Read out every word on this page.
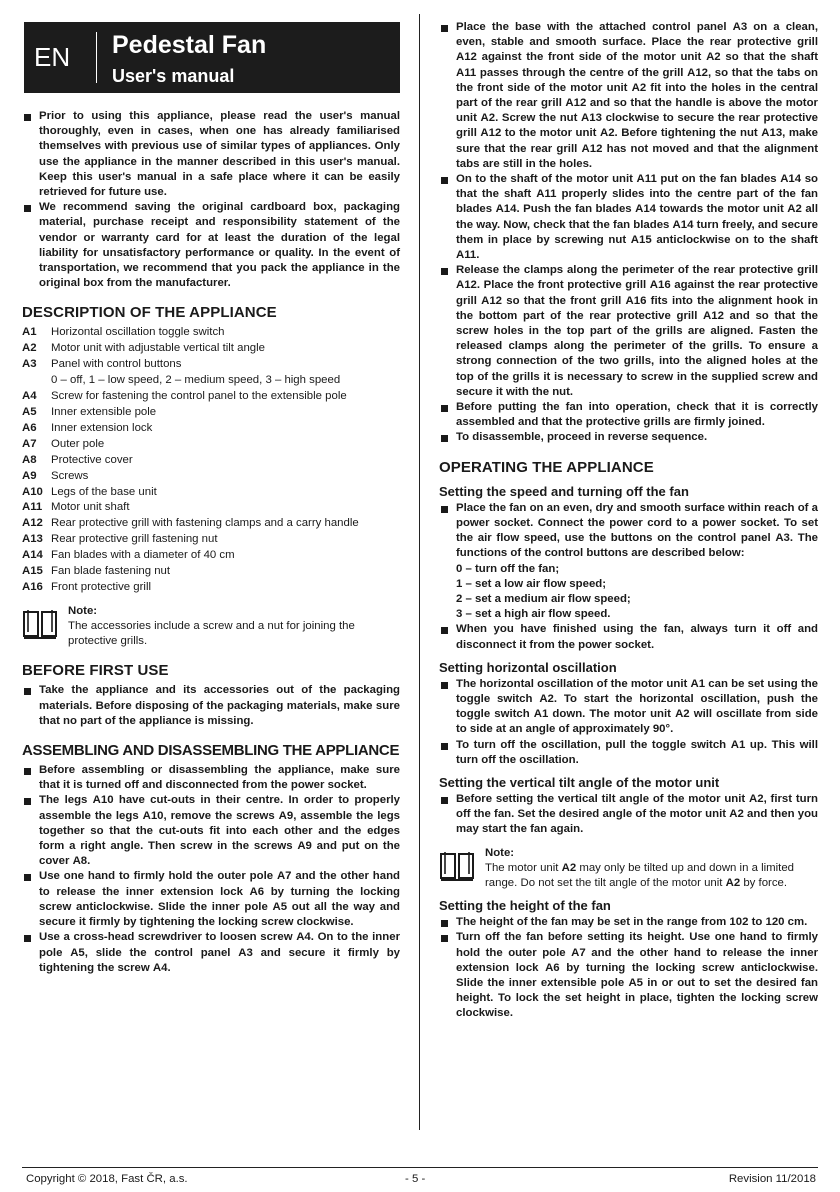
EN Pedestal Fan
User's manual
Prior to using this appliance, please read the user's manual thoroughly, even in cases, when one has already familiarised themselves with previous use of similar types of appliances. Only use the appliance in the manner described in this user's manual. Keep this user's manual in a safe place where it can be easily retrieved for future use.
We recommend saving the original cardboard box, packaging material, purchase receipt and responsibility statement of the vendor or warranty card for at least the duration of the legal liability for unsatisfactory performance or quality. In the event of transportation, we recommend that you pack the appliance in the original box from the manufacturer.
DESCRIPTION OF THE APPLIANCE
A1	Horizontal oscillation toggle switch
A2	Motor unit with adjustable vertical tilt angle
A3	Panel with control buttons
	0 – off, 1 – low speed, 2 – medium speed, 3 – high speed
A4	Screw for fastening the control panel to the extensible pole
A5	Inner extensible pole
A6	Inner extension lock
A7	Outer pole
A8	Protective cover
A9	Screws
A10	Legs of the base unit
A11	Motor unit shaft
A12	Rear protective grill with fastening clamps and a carry handle
A13	Rear protective grill fastening nut
A14	Fan blades with a diameter of 40 cm
A15	Fan blade fastening nut
A16	Front protective grill
Note:
The accessories include a screw and a nut for joining the protective grills.
BEFORE FIRST USE
Take the appliance and its accessories out of the packaging materials. Before disposing of the packaging materials, make sure that no part of the appliance is missing.
ASSEMBLING AND DISASSEMBLING THE APPLIANCE
Before assembling or disassembling the appliance, make sure that it is turned off and disconnected from the power socket.
The legs A10 have cut-outs in their centre. In order to properly assemble the legs A10, remove the screws A9, assemble the legs together so that the cut-outs fit into each other and the edges form a right angle. Then screw in the screws A9 and put on the cover A8.
Use one hand to firmly hold the outer pole A7 and the other hand to release the inner extension lock A6 by turning the locking screw anticlockwise. Slide the inner pole A5 out all the way and secure it firmly by tightening the locking screw clockwise.
Use a cross-head screwdriver to loosen screw A4. On to the inner pole A5, slide the control panel A3 and secure it firmly by tightening the screw A4.
Place the base with the attached control panel A3 on a clean, even, stable and smooth surface. Place the rear protective grill A12 against the front side of the motor unit A2 so that the shaft A11 passes through the centre of the grill A12, so that the tabs on the front side of the motor unit A2 fit into the holes in the central part of the rear grill A12 and so that the handle is above the motor unit A2. Screw the nut A13 clockwise to secure the rear protective grill A12 to the motor unit A2. Before tightening the nut A13, make sure that the rear grill A12 has not moved and that the alignment tabs are still in the holes.
On to the shaft of the motor unit A11 put on the fan blades A14 so that the shaft A11 properly slides into the centre part of the fan blades A14. Push the fan blades A14 towards the motor unit A2 all the way. Now, check that the fan blades A14 turn freely, and secure them in place by screwing nut A15 anticlockwise on to the shaft A11.
Release the clamps along the perimeter of the rear protective grill A12. Place the front protective grill A16 against the rear protective grill A12 so that the front grill A16 fits into the alignment hook in the bottom part of the rear protective grill A12 and so that the screw holes in the top part of the grills are aligned. Fasten the released clamps along the perimeter of the grills. To ensure a strong connection of the two grills, into the aligned holes at the top of the grills it is necessary to screw in the supplied screw and secure it with the nut.
Before putting the fan into operation, check that it is correctly assembled and that the protective grills are firmly joined.
To disassemble, proceed in reverse sequence.
OPERATING THE APPLIANCE
Setting the speed and turning off the fan
Place the fan on an even, dry and smooth surface within reach of a power socket. Connect the power cord to a power socket. To set the air flow speed, use the buttons on the control panel A3. The functions of the control buttons are described below:
0 – turn off the fan;
1 – set a low air flow speed;
2 – set a medium air flow speed;
3 – set a high air flow speed.
When you have finished using the fan, always turn it off and disconnect it from the power socket.
Setting horizontal oscillation
The horizontal oscillation of the motor unit A1 can be set using the toggle switch A2. To start the horizontal oscillation, push the toggle switch A1 down. The motor unit A2 will oscillate from side to side at an angle of approximately 90°.
To turn off the oscillation, pull the toggle switch A1 up. This will turn off the oscillation.
Setting the vertical tilt angle of the motor unit
Before setting the vertical tilt angle of the motor unit A2, first turn off the fan. Set the desired angle of the motor unit A2 and then you may start the fan again.
Note:
The motor unit A2 may only be tilted up and down in a limited range. Do not set the tilt angle of the motor unit A2 by force.
Setting the height of the fan
The height of the fan may be set in the range from 102 to 120 cm.
Turn off the fan before setting its height. Use one hand to firmly hold the outer pole A7 and the other hand to release the inner extension lock A6 by turning the locking screw anticlockwise. Slide the inner extensible pole A5 in or out to set the desired fan height. To lock the set height in place, tighten the locking screw clockwise.
Copyright © 2018, Fast ČR, a.s.	- 5 -	Revision 11/2018
